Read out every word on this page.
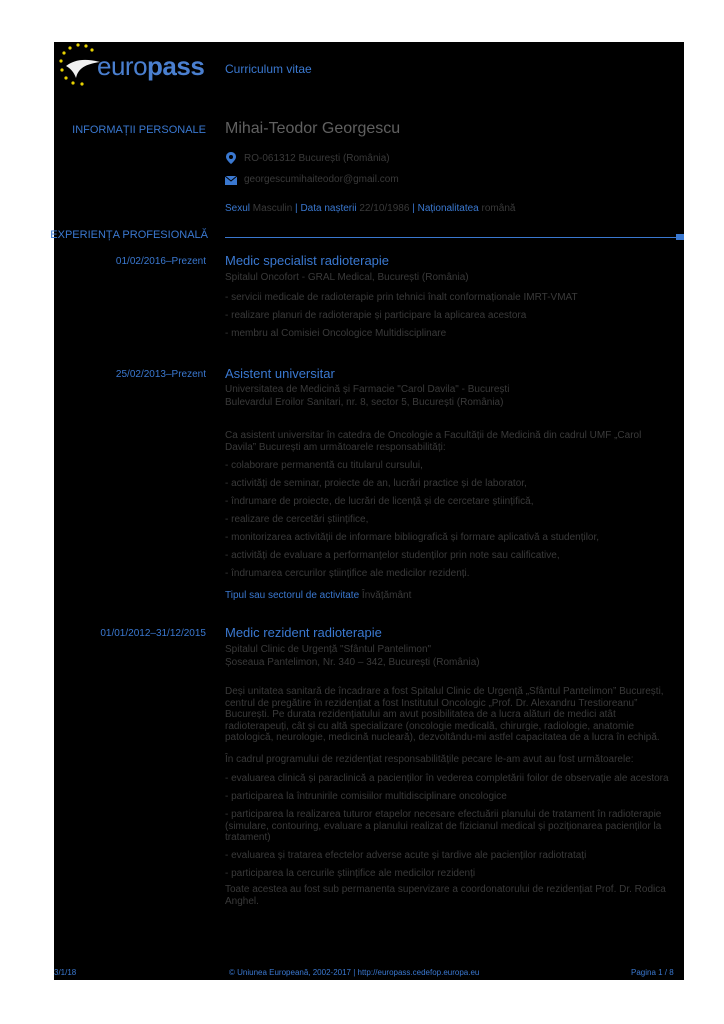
europass Curriculum vitae
INFORMAȚII PERSONALE Mihai-Teodor Georgescu
RO-061312 București (România)
georgescumihaiteodor@gmail.com
Sexul Masculin | Data nașterii 22/10/1986 | Naționalitatea română
EXPERIENȚA PROFESIONALĂ
01/02/2016–Prezent Medic specialist radioterapie
Spitalul Oncofort - GRAL Medical, București (România)
- servicii medicale de radioterapie prin tehnici înalt conformaționale IMRT-VMAT
- realizare planuri de radioterapie și participare la aplicarea acestora
- membru al Comisiei Oncologice Multidisciplinare
25/02/2013–Prezent Asistent universitar
Universitatea de Medicină și Farmacie "Carol Davila" - București
Bulevardul Eroilor Sanitari, nr. 8, sector 5, București (România)
Ca asistent universitar în catedra de Oncologie a Facultății de Medicină din cadrul UMF „Carol Davila” București am următoarele responsabilități:
- colaborare permanentă cu titularul cursului,
- activități de seminar, proiecte de an, lucrări practice și de laborator,
- îndrumare de proiecte, de lucrări de licență și de cercetare științifică,
- realizare de cercetări științifice,
- monitorizarea activității de informare bibliografică și formare aplicativă a studenților,
- activități de evaluare a performanțelor studenților prin note sau calificative,
- îndrumarea cercurilor științifice ale medicilor rezidenți.
Tipul sau sectorul de activitate Învățământ
01/01/2012–31/12/2015 Medic rezident radioterapie
Spitalul Clinic de Urgență "Sfântul Pantelimon"
Șoseaua Pantelimon, Nr. 340 – 342, București (România)
Deși unitatea sanitară de încadrare a fost Spitalul Clinic de Urgență „Sfântul Pantelimon” București, centrul de pregătire în rezidențiat a fost Institutul Oncologic „Prof. Dr. Alexandru Trestioreanu” București. Pe durata rezidențiatului am avut posibilitatea de a lucra alături de medici atât radioterapeuți, cât și cu altă specializare (oncologie medicală, chirurgie, radiologie, anatomie patologică, neurologie, medicină nucleară), dezvoltându-mi astfel capacitatea de a lucra în echipă.
În cadrul programului de rezidențiat responsabilitățile pecare le-am avut au fost următoarele:
- evaluarea clinică și paraclinică a pacienților în vederea completării foilor de observație ale acestora
- participarea la întrunirile comisiilor multidisciplinare oncologice
- participarea la realizarea tuturor etapelor necesare efectuării planului de tratament în radioterapie (simulare, contouring, evaluare a planului realizat de fizicianul medical și poziționarea pacienților la tratament)
- evaluarea și tratarea efectelor adverse acute și tardive ale pacienților radiotratați
- participarea la cercurile științifice ale medicilor rezidenți
Toate acestea au fost sub permanenta supervizare a coordonatorului de rezidențiat Prof. Dr. Rodica Anghel.
3/1/18	© Uniunea Europeană, 2002-2017 | http://europass.cedefop.europa.eu	Pagina 1 / 8
